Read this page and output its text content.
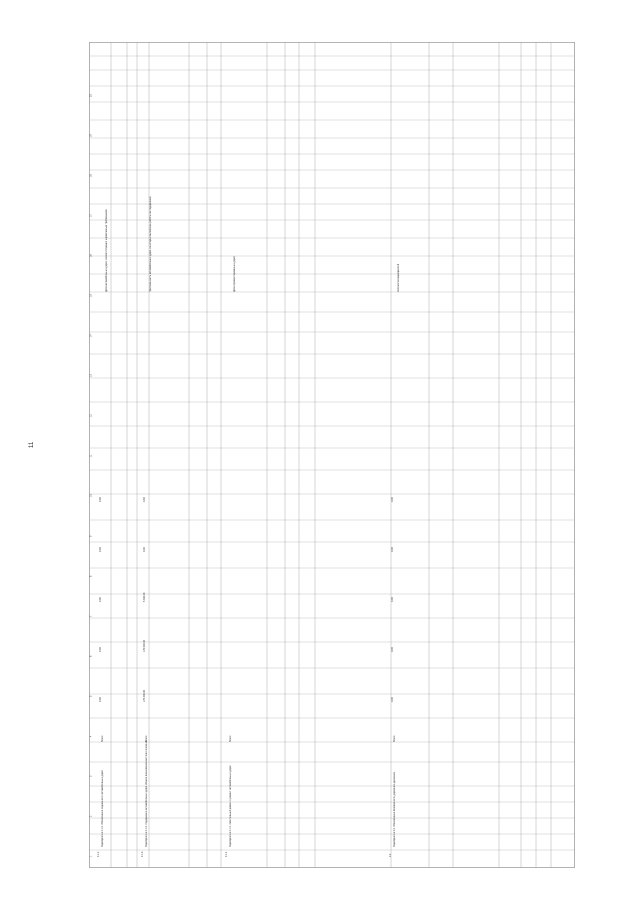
11
2.1.2
Мероприятие 2.1.2. Обеспечение сохранности автомобильных дорог
Всего
0,00
0,00
0,00
0,00
0,00
Доля автомобильных дорог, соответствующих нормативным требованиям
2.1.3
Мероприятие 2.1.3. Содержание автомобильных дорог общего пользования местного значения
Всего
175 300,00
170 000,00
5 300,00
0,00
0,00
Протяженность автомобильных дорог, на которых выполнены работы по содержанию
2.1.4
Мероприятие 2.1.4. Капитальный ремонт и ремонт автомобильных дорог
Всего
Доля отремонтированных дорог
2.2
Мероприятие 2.2. Обеспечение безопасности дорожного движения
Всего
0,00
0,00
0,00
0,00
0,00
Количество мероприятий
1
2
3
4
5
6
7
8
9
10
11
12
13
14
15
16
17
18
19
20
